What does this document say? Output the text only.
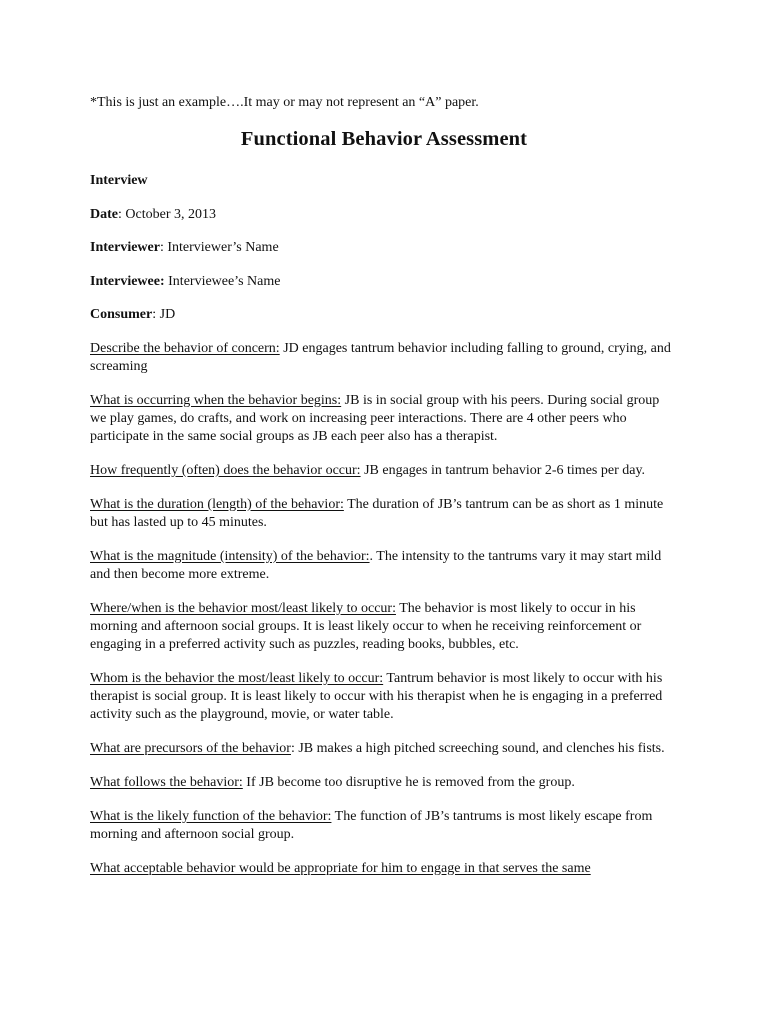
*This is just an example….It may or may not represent an “A” paper.

Functional Behavior Assessment

Interview

Date: October 3, 2013

Interviewer: Interviewer’s Name

Interviewee: Interviewee’s Name

Consumer: JD

Describe the behavior of concern: JD engages tantrum behavior including falling to ground, crying, and screaming

What is occurring when the behavior begins: JB is in social group with his peers. During social group we play games, do crafts, and work on increasing peer interactions. There are 4 other peers who participate in the same social groups as JB each peer also has a therapist.

How frequently (often) does the behavior occur: JB engages in tantrum behavior 2-6 times per day.

What is the duration (length) of the behavior: The duration of JB’s tantrum can be as short as 1 minute but has lasted up to 45 minutes.

What is the magnitude (intensity) of the behavior:. The intensity to the tantrums vary it may start mild and then become more extreme.

Where/when is the behavior most/least likely to occur: The behavior is most likely to occur in his morning and afternoon social groups. It is least likely occur to when he receiving reinforcement or engaging in a preferred activity such as puzzles, reading books, bubbles, etc.

Whom is the behavior the most/least likely to occur: Tantrum behavior is most likely to occur with his therapist is social group. It is least likely to occur with his therapist when he is engaging in a preferred activity such as the playground, movie, or water table.

What are precursors of the behavior: JB makes a high pitched screeching sound, and clenches his fists.

What follows the behavior: If JB become too disruptive he is removed from the group.

What is the likely function of the behavior: The function of JB’s tantrums is most likely escape from morning and afternoon social group.

What acceptable behavior would be appropriate for him to engage in that serves the same
